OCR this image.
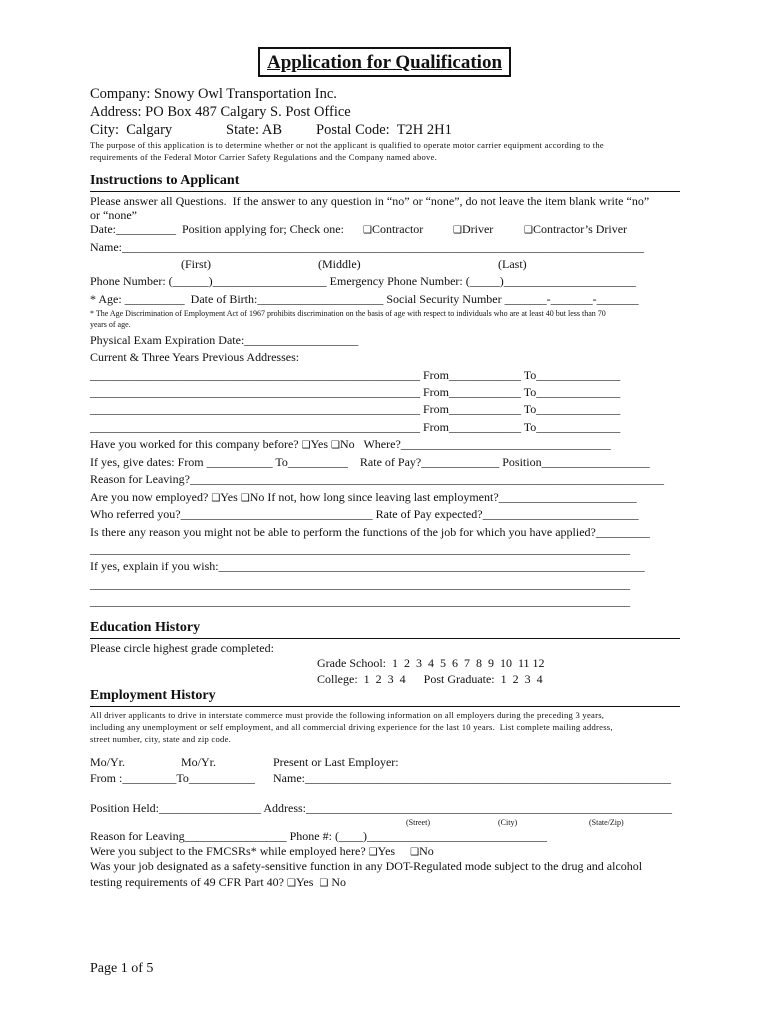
Application for Qualification
Company: Snowy Owl Transportation Inc.
Address: PO Box 487 Calgary S. Post Office
City:  Calgary	State: AB Postal Code:  T2H 2H1
The purpose of this application is to determine whether or not the applicant is qualified to operate motor carrier equipment according to the
requirements of the Federal Motor Carrier Safety Regulations and the Company named above.
Instructions to Applicant
Please answer all Questions.  If the answer to any question in “no” or “none”, do not leave the item blank write “no”
or “none”
Date:__________  Position applying for; Check one: ❑Contractor	❑Driver	❑Contractor’s Driver
Name:_______________________________________________________________________________________
(First)	(Middle)	(Last)
Phone Number: (______)___________________ Emergency Phone Number: (_____)______________________
* Age: __________  Date of Birth:_____________________ Social Security Number _______-_______-_______
* The Age Discrimination of Employment Act of 1967 prohibits discrimination on the basis of age with respect to individuals who are at least 40 but less than 70
years of age.
Physical Exam Expiration Date:___________________
Current & Three Years Previous Addresses:
_______________________________________________________ From____________ To______________
_______________________________________________________ From____________ To______________
_______________________________________________________ From____________ To______________
_______________________________________________________ From____________ To______________
Have you worked for this company before? ❑Yes ❑No Where?___________________________________
If yes, give dates: From ___________ To__________    Rate of Pay?_____________ Position__________________
Reason for Leaving?_______________________________________________________________________________
Are you now employed? ❑Yes ❑No If not, how long since leaving last employment?_______________________
Who referred you?________________________________ Rate of Pay expected?__________________________
Is there any reason you might not be able to perform the functions of the job for which you have applied?_________
__________________________________________________________________________________________
If yes, explain if you wish:_______________________________________________________________________
__________________________________________________________________________________________
__________________________________________________________________________________________
Education History
Please circle highest grade completed:
Grade School:  1  2  3  4  5  6  7  8  9  10  11 12
College:  1  2  3  4      Post Graduate:  1  2  3  4
Employment History
All driver applicants to drive in interstate commerce must provide the following information on all employers during the preceding 3 years,
including any unemployment or self employment, and all commercial driving experience for the last 10 years.  List complete mailing address,
street number, city, state and zip code.
Mo/Yr.	Mo/Yr.	Present or Last Employer:
From :_________To___________ Name:_____________________________________________________________
Position Held:_________________ Address:_____________________________________________________________
(Street)	(City)	(State/Zip)
Reason for Leaving_________________ Phone #: (____)______________________________
Were you subject to the FMCSRs* while employed here? ❑Yes ❑No
Was your job designated as a safety-sensitive function in any DOT-Regulated mode subject to the drug and alcohol
testing requirements of 49 CFR Part 40? ❑Yes ❑ No
Page 1 of 5
